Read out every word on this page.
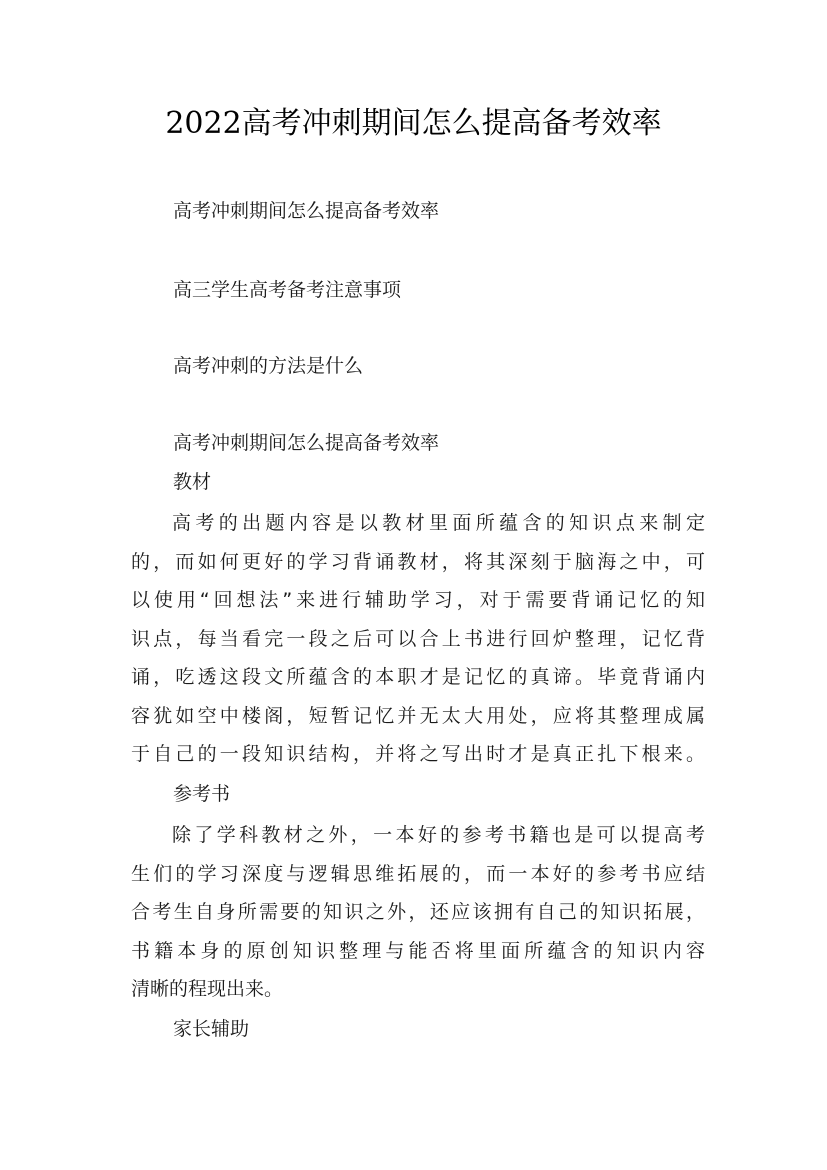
2022高考冲刺期间怎么提高备考效率
高考冲刺期间怎么提高备考效率
高三学生高考备考注意事项
高考冲刺的方法是什么
高考冲刺期间怎么提高备考效率
教材
高考的出题内容是以教材里面所蕴含的知识点来制定
的，而如何更好的学习背诵教材，将其深刻于脑海之中，可
以使用“回想法”来进行辅助学习，对于需要背诵记忆的知
识点，每当看完一段之后可以合上书进行回炉整理，记忆背
诵，吃透这段文所蕴含的本职才是记忆的真谛。毕竟背诵内
容犹如空中楼阁，短暂记忆并无太大用处，应将其整理成属
于自己的一段知识结构，并将之写出时才是真正扎下根来。
参考书
除了学科教材之外，一本好的参考书籍也是可以提高考
生们的学习深度与逻辑思维拓展的，而一本好的参考书应结
合考生自身所需要的知识之外，还应该拥有自己的知识拓展，
书籍本身的原创知识整理与能否将里面所蕴含的知识内容
清晰的程现出来。
家长辅助
